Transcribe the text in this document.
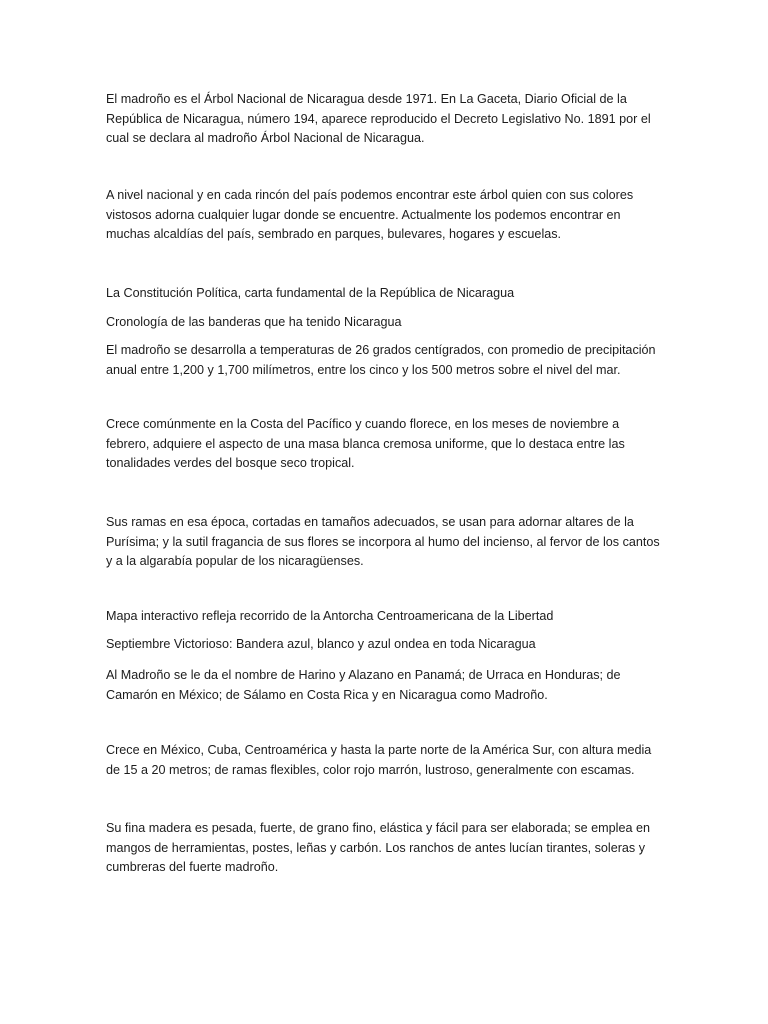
El madroño es el Árbol Nacional de Nicaragua desde 1971. En La Gaceta, Diario Oficial de la
República de Nicaragua, número 194, aparece reproducido el Decreto Legislativo No. 1891 por el
cual se declara al madroño Árbol Nacional de Nicaragua.

A nivel nacional y en cada rincón del país podemos encontrar este árbol quien con sus colores
vistosos adorna cualquier lugar donde se encuentre. Actualmente los podemos encontrar en
muchas alcaldías del país, sembrado en parques, bulevares, hogares y escuelas.

La Constitución Política, carta fundamental de la República de Nicaragua

Cronología de las banderas que ha tenido Nicaragua

El madroño se desarrolla a temperaturas de 26 grados centígrados, con promedio de precipitación
anual entre 1,200 y 1,700 milímetros, entre los cinco y los 500 metros sobre el nivel del mar.

Crece comúnmente en la Costa del Pacífico y cuando florece, en los meses de noviembre a
febrero, adquiere el aspecto de una masa blanca cremosa uniforme, que lo destaca entre las
tonalidades verdes del bosque seco tropical.

Sus ramas en esa época, cortadas en tamaños adecuados, se usan para adornar altares de la
Purísima; y la sutil fragancia de sus flores se incorpora al humo del incienso, al fervor de los cantos
y a la algarabía popular de los nicaragüenses.

Mapa interactivo refleja recorrido de la Antorcha Centroamericana de la Libertad

Septiembre Victorioso: Bandera azul, blanco y azul ondea en toda Nicaragua

Al Madroño se le da el nombre de Harino y Alazano en Panamá; de Urraca en Honduras; de
Camarón en México; de Sálamo en Costa Rica y en Nicaragua como Madroño.

Crece en México, Cuba, Centroamérica y hasta la parte norte de la América Sur, con altura media
de 15 a 20 metros; de ramas flexibles, color rojo marrón, lustroso, generalmente con escamas.

Su fina madera es pesada, fuerte, de grano fino, elástica y fácil para ser elaborada; se emplea en
mangos de herramientas, postes, leñas y carbón. Los ranchos de antes lucían tirantes, soleras y
cumbreras del fuerte madroño.
